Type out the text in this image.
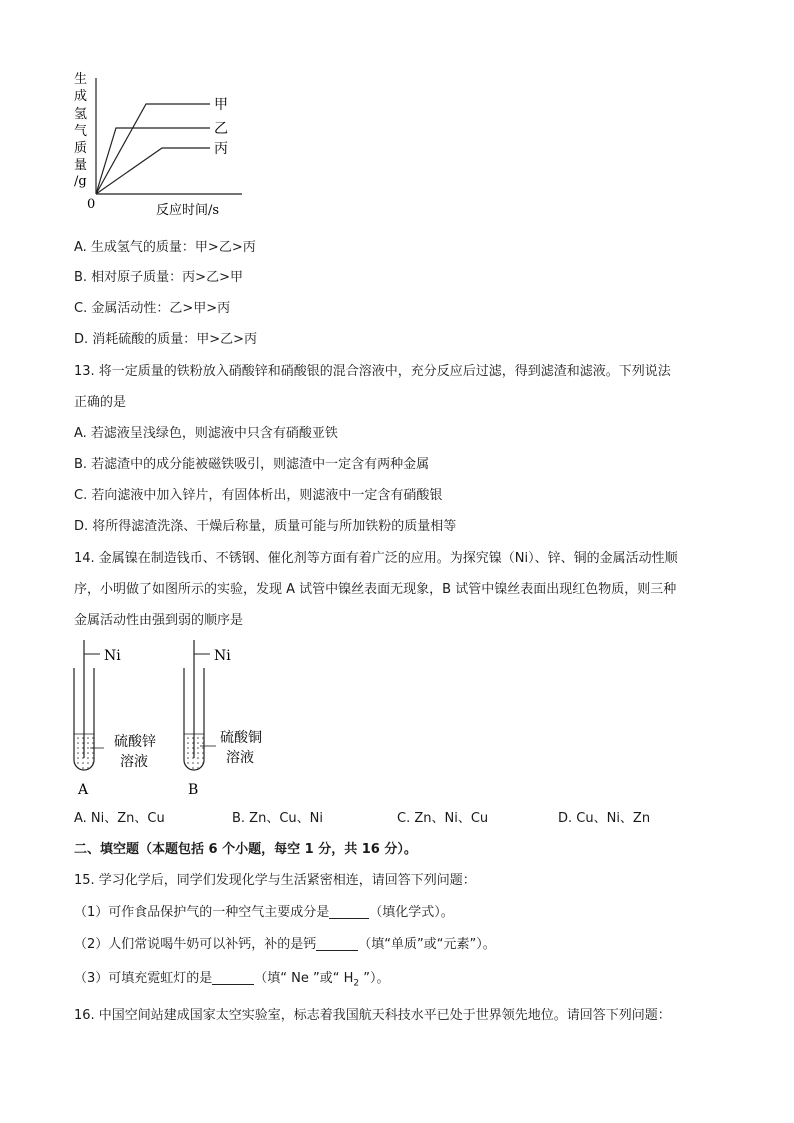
生
成
氢
气
质
量
/g
0	反应时间/s
甲
乙
丙
A. 生成氢气的质量：甲>乙>丙
B. 相对原子质量：丙>乙>甲
C. 金属活动性：乙>甲>丙
D. 消耗硫酸的质量：甲>乙>丙
13. 将一定质量的铁粉放入硝酸锌和硝酸银的混合溶液中，充分反应后过滤，得到滤渣和滤液。下列说法
正确的是
A. 若滤液呈浅绿色，则滤液中只含有硝酸亚铁
B. 若滤渣中的成分能被磁铁吸引，则滤渣中一定含有两种金属
C. 若向滤液中加入锌片，有固体析出，则滤液中一定含有硝酸银
D. 将所得滤渣洗涤、干燥后称量，质量可能与所加铁粉的质量相等
14. 金属镍在制造钱币、不锈钢、催化剂等方面有着广泛的应用。为探究镍（Ni）、锌、铜的金属活动性顺
序，小明做了如图所示的实验，发现 A 试管中镍丝表面无现象，B 试管中镍丝表面出现红色物质，则三种
金属活动性由强到弱的顺序是
Ni
硫酸锌
溶液
A
Ni
硫酸铜
溶液
B
A. Ni、Zn、Cu	B. Zn、Cu、Ni	C. Zn、Ni、Cu	D. Cu、Ni、Zn
二、填空题（本题包括 6 个小题，每空 1 分，共 16 分）。
15. 学习化学后，同学们发现化学与生活紧密相连，请回答下列问题：
（1）可作食品保护气的一种空气主要成分是	（填化学式）。
（2）人们常说喝牛奶可以补钙，补的是钙	（填“单质”或“元素”）。
（3）可填充霓虹灯的是	（填“ Ne ”或“ $H_2$ ”）。
16. 中国空间站建成国家太空实验室，标志着我国航天科技水平已处于世界领先地位。请回答下列问题：
